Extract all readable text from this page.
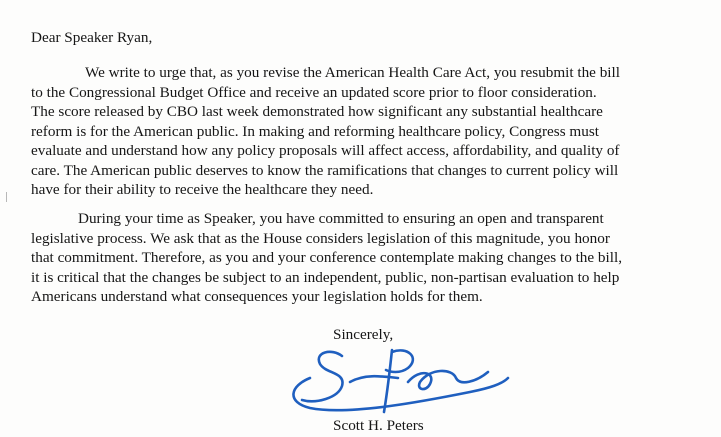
Dear Speaker Ryan,
We write to urge that, as you revise the American Health Care Act, you resubmit the bill
to the Congressional Budget Office and receive an updated score prior to floor consideration.
The score released by CBO last week demonstrated how significant any substantial healthcare
reform is for the American public. In making and reforming healthcare policy, Congress must
evaluate and understand how any policy proposals will affect access, affordability, and quality of
care. The American public deserves to know the ramifications that changes to current policy will
have for their ability to receive the healthcare they need.
During your time as Speaker, you have committed to ensuring an open and transparent
legislative process. We ask that as the House considers legislation of this magnitude, you honor
that commitment. Therefore, as you and your conference contemplate making changes to the bill,
it is critical that the changes be subject to an independent, public, non-partisan evaluation to help
Americans understand what consequences your legislation holds for them.
Sincerely,
Scott H. Peters
